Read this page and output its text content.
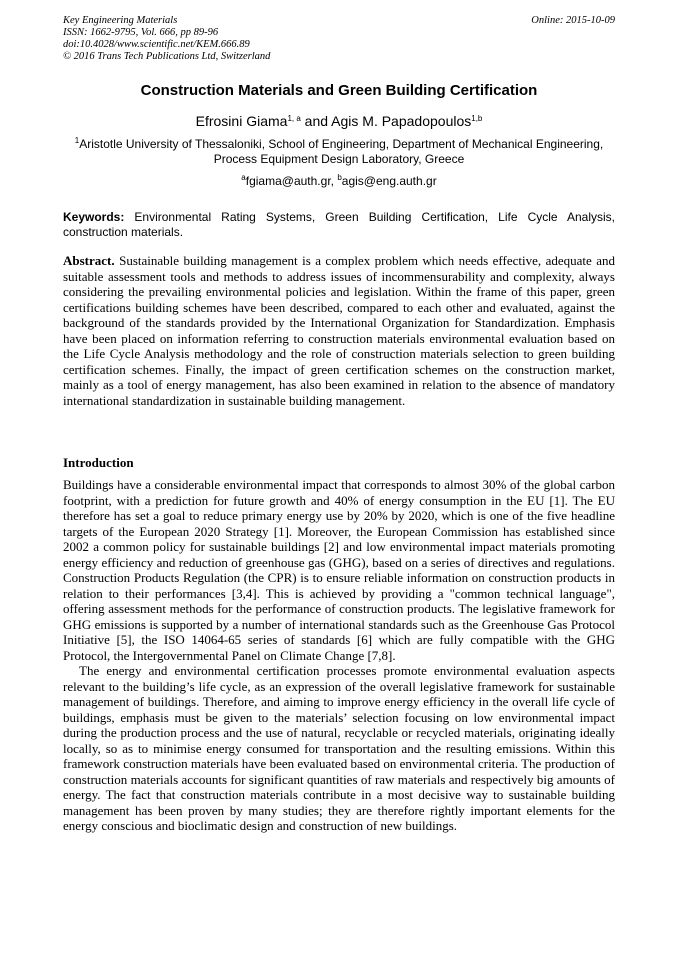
Key Engineering Materials
ISSN: 1662-9795, Vol. 666, pp 89-96
doi:10.4028/www.scientific.net/KEM.666.89
© 2016 Trans Tech Publications Ltd, Switzerland
Online: 2015-10-09
Construction Materials and Green Building Certification
Efrosini Giama$^{1, a}$ and Agis M. Papadopoulos$^{1,b}$
$^1$Aristotle University of Thessaloniki, School of Engineering, Department of Mechanical Engineering, Process Equipment Design Laboratory, Greece
$^a$fgiama@auth.gr, $^b$agis@eng.auth.gr
Keywords: Environmental Rating Systems, Green Building Certification, Life Cycle Analysis, construction materials.
Abstract. Sustainable building management is a complex problem which needs effective, adequate and suitable assessment tools and methods to address issues of incommensurability and complexity, always considering the prevailing environmental policies and legislation. Within the frame of this paper, green certifications building schemes have been described, compared to each other and evaluated, against the background of the standards provided by the International Organization for Standardization. Emphasis have been placed on information referring to construction materials environmental evaluation based on the Life Cycle Analysis methodology and the role of construction materials selection to green building certification schemes. Finally, the impact of green certification schemes on the construction market, mainly as a tool of energy management, has also been examined in relation to the absence of mandatory international standardization in sustainable building management.
Introduction

Buildings have a considerable environmental impact that corresponds to almost 30% of the global carbon footprint, with a prediction for future growth and 40% of energy consumption in the EU [1]. The EU therefore has set a goal to reduce primary energy use by 20% by 2020, which is one of the five headline targets of the European 2020 Strategy [1]. Moreover, the European Commission has established since 2002 a common policy for sustainable buildings [2] and low environmental impact materials promoting energy efficiency and reduction of greenhouse gas (GHG), based on a series of directives and regulations. Construction Products Regulation (the CPR) is to ensure reliable information on construction products in relation to their performances [3,4]. This is achieved by providing a "common technical language", offering assessment methods for the performance of construction products. The legislative framework for GHG emissions is supported by a number of international standards such as the Greenhouse Gas Protocol Initiative [5], the ISO 14064-65 series of standards [6] which are fully compatible with the GHG Protocol, the Intergovernmental Panel on Climate Change [7,8].

The energy and environmental certification processes promote environmental evaluation aspects relevant to the building’s life cycle, as an expression of the overall legislative framework for sustainable management of buildings. Therefore, and aiming to improve energy efficiency in the overall life cycle of buildings, emphasis must be given to the materials’ selection focusing on low environmental impact during the production process and the use of natural, recyclable or recycled materials, originating ideally locally, so as to minimise energy consumed for transportation and the resulting emissions. Within this framework construction materials have been evaluated based on environmental criteria. The production of construction materials accounts for significant quantities of raw materials and respectively big amounts of energy. The fact that construction materials contribute in a most decisive way to sustainable building management has been proven by many studies; they are therefore rightly important elements for the energy conscious and bioclimatic design and construction of new buildings.
